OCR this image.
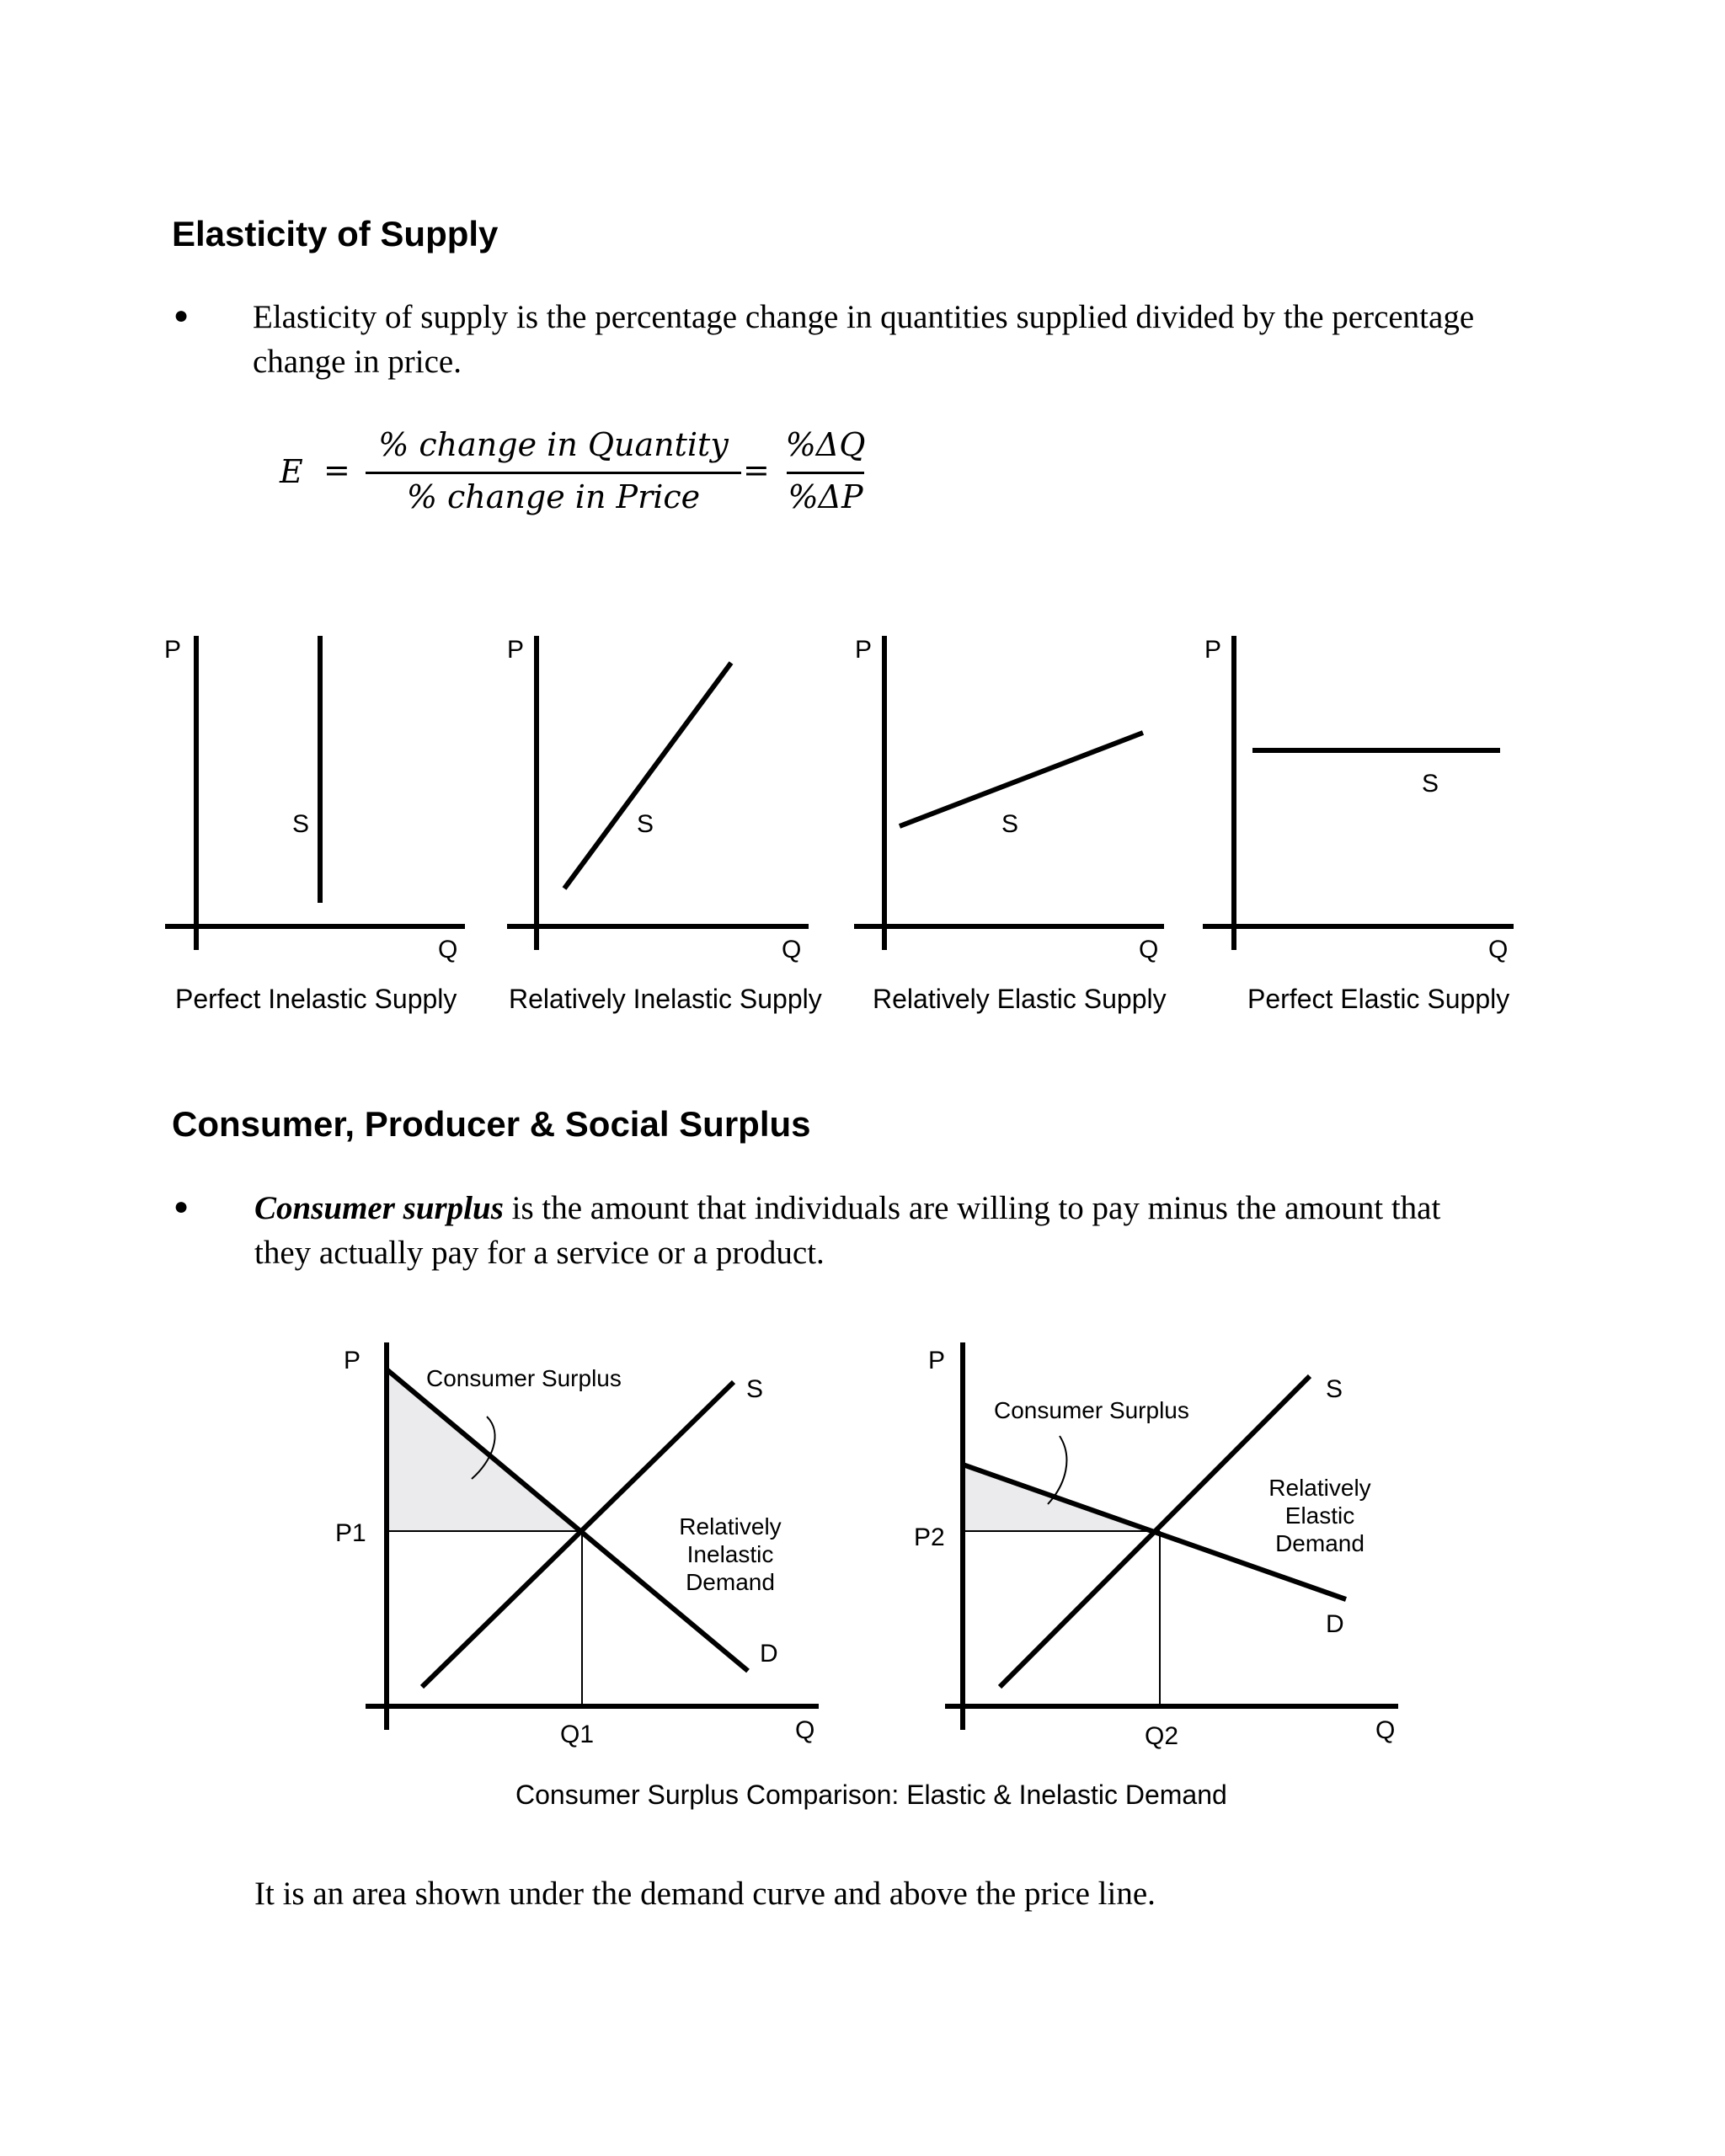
Elasticity of Supply
● Elasticity of supply is the percentage change in quantities supplied divided by the percentage change in price.
E =
% change in Quantity
% change in Price
=
%ΔQ
%ΔP
P
S
Q
P
S
Q
P
S
Q
P
S
Q
Perfect Inelastic Supply Relatively Inelastic Supply Relatively Elastic Supply	Perfect Elastic Supply
Consumer, Producer & Social Surplus
● Consumer surplus is the amount that individuals are willing to pay minus the amount that they actually pay for a service or a product.
P
P1
Consumer Surplus	S
Relatively
Inelastic
Demand
D
Q1	Q
P
P2
Consumer Surplus
S
Relatively
Elastic
Demand
D
Q2	Q
Consumer Surplus Comparison: Elastic & Inelastic Demand
It is an area shown under the demand curve and above the price line.
